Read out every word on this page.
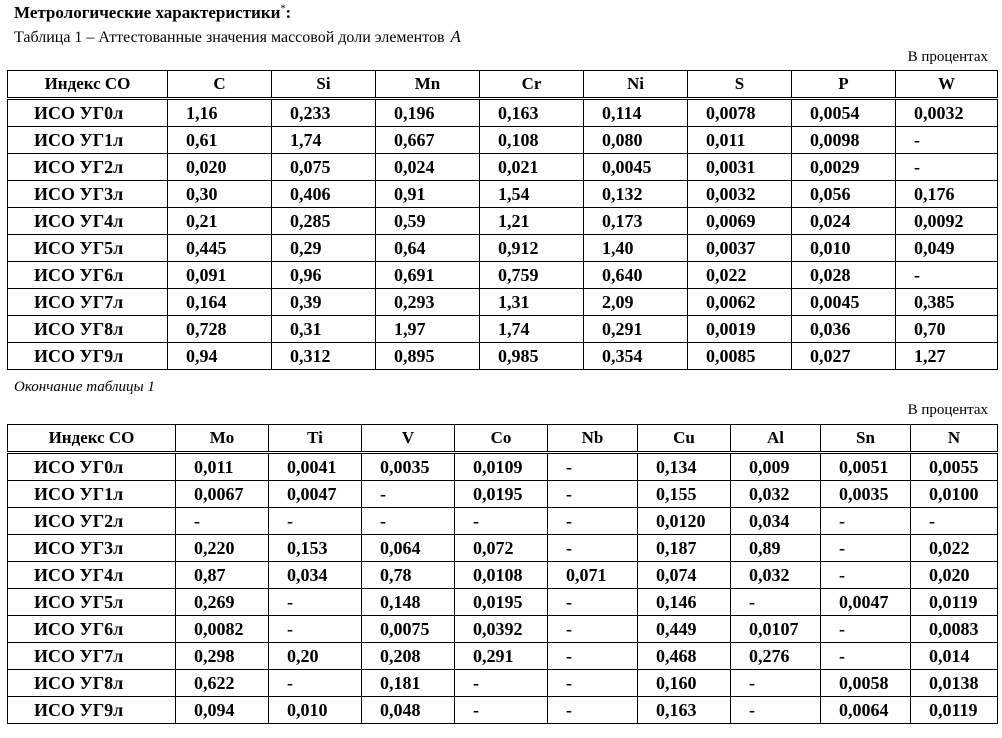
Метрологические характеристики*:
Таблица 1 – Аттестованные значения массовой доли элементов A
В процентах
Индекс СО	C	Si	Mn	Cr	Ni	S	P	W
ИСО УГ0л	1,16	0,233	0,196	0,163	0,114	0,0078	0,0054	0,0032
ИСО УГ1л	0,61	1,74	0,667	0,108	0,080	0,011	0,0098	-
ИСО УГ2л	0,020	0,075	0,024	0,021	0,0045	0,0031	0,0029	-
ИСО УГ3л	0,30	0,406	0,91	1,54	0,132	0,0032	0,056	0,176
ИСО УГ4л	0,21	0,285	0,59	1,21	0,173	0,0069	0,024	0,0092
ИСО УГ5л	0,445	0,29	0,64	0,912	1,40	0,0037	0,010	0,049
ИСО УГ6л	0,091	0,96	0,691	0,759	0,640	0,022	0,028	-
ИСО УГ7л	0,164	0,39	0,293	1,31	2,09	0,0062	0,0045	0,385
ИСО УГ8л	0,728	0,31	1,97	1,74	0,291	0,0019	0,036	0,70
ИСО УГ9л	0,94	0,312	0,895	0,985	0,354	0,0085	0,027	1,27
Окончание таблицы 1
В процентах
Индекс СО	Mo	Ti	V	Co	Nb	Cu	Al	Sn	N
ИСО УГ0л	0,011	0,0041	0,0035	0,0109	-	0,134	0,009	0,0051	0,0055
ИСО УГ1л	0,0067	0,0047	-	0,0195	-	0,155	0,032	0,0035	0,0100
ИСО УГ2л	-	-	-	-	-	0,0120	0,034	-	-
ИСО УГ3л	0,220	0,153	0,064	0,072	-	0,187	0,89	-	0,022
ИСО УГ4л	0,87	0,034	0,78	0,0108	0,071	0,074	0,032	-	0,020
ИСО УГ5л	0,269	-	0,148	0,0195	-	0,146	-	0,0047	0,0119
ИСО УГ6л	0,0082	-	0,0075	0,0392	-	0,449	0,0107	-	0,0083
ИСО УГ7л	0,298	0,20	0,208	0,291	-	0,468	0,276	-	0,014
ИСО УГ8л	0,622	-	0,181	-	-	0,160	-	0,0058	0,0138
ИСО УГ9л	0,094	0,010	0,048	-	-	0,163	-	0,0064	0,0119
